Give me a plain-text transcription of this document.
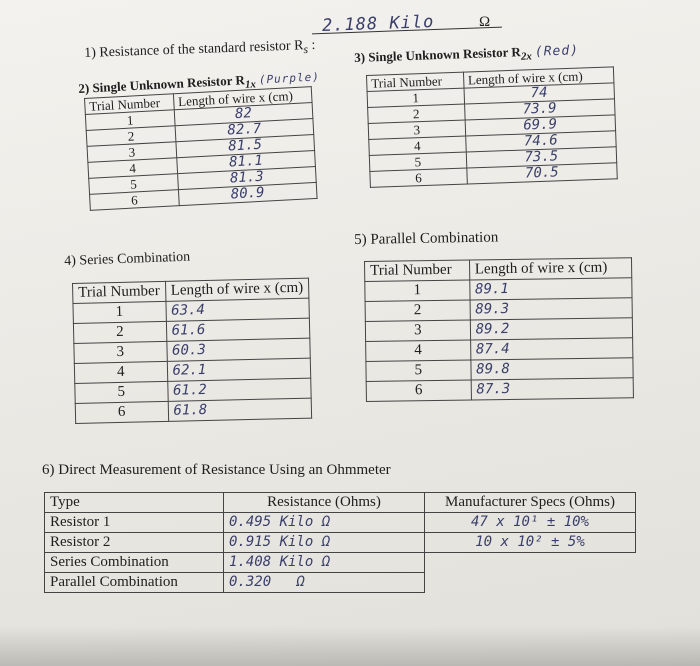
1) Resistance of the standard resistor $R_s$ :
2.188 Kilo	Ω
2) Single Unknown Resistor $R_{1x}$ (Purple)
Trial Number	Length of wire x (cm)
1	82
2	82.7
3	81.5
4	81.1
5	81.3
6	80.9
3) Single Unknown Resistor $R_{2x}$ (Red)
Trial Number	Length of wire x (cm)
1	74
2	73.9
3	69.9
4	74.6
5	73.5
6	70.5
4) Series Combination
Trial Number	Length of wire x (cm)
1	63.4
2	61.6
3	60.3
4	62.1
5	61.2
6	61.8
5) Parallel Combination
Trial Number	Length of wire x (cm)
1	89.1
2	89.3
3	89.2
4	87.4
5	89.8
6	87.3
6) Direct Measurement of Resistance Using an Ohmmeter
Type	Resistance (Ohms)	Manufacturer Specs (Ohms)
Resistor 1	0.495 Kilo Ω	47 x 10¹ ± 10%
Resistor 2	0.915 Kilo Ω	10 x 10² ± 5%
Series Combination	1.408 Kilo Ω	
Parallel Combination	0.320   Ω	
